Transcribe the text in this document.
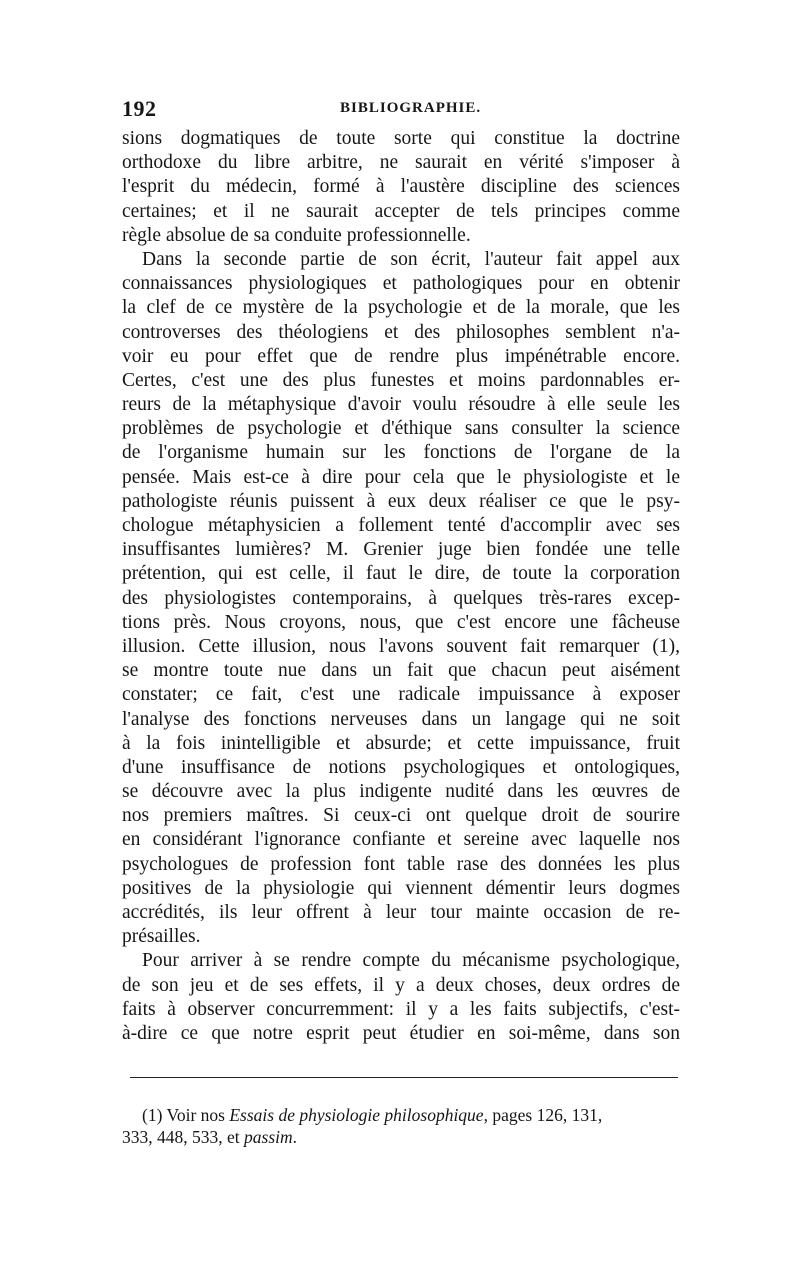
192	BIBLIOGRAPHIE.
sions dogmatiques de toute sorte qui constitue la doctrine
orthodoxe du libre arbitre, ne saurait en vérité s'imposer à
l'esprit du médecin, formé à l'austère discipline des sciences
certaines; et il ne saurait accepter de tels principes comme
règle absolue de sa conduite professionnelle.
Dans la seconde partie de son écrit, l'auteur fait appel aux
connaissances physiologiques et pathologiques pour en obtenir
la clef de ce mystère de la psychologie et de la morale, que les
controverses des théologiens et des philosophes semblent n'a-
voir eu pour effet que de rendre plus impénétrable encore.
Certes, c'est une des plus funestes et moins pardonnables er-
reurs de la métaphysique d'avoir voulu résoudre à elle seule les
problèmes de psychologie et d'éthique sans consulter la science
de l'organisme humain sur les fonctions de l'organe de la
pensée. Mais est-ce à dire pour cela que le physiologiste et le
pathologiste réunis puissent à eux deux réaliser ce que le psy-
chologue métaphysicien a follement tenté d'accomplir avec ses
insuffisantes lumières? M. Grenier juge bien fondée une telle
prétention, qui est celle, il faut le dire, de toute la corporation
des physiologistes contemporains, à quelques très-rares excep-
tions près. Nous croyons, nous, que c'est encore une fâcheuse
illusion. Cette illusion, nous l'avons souvent fait remarquer (1),
se montre toute nue dans un fait que chacun peut aisément
constater; ce fait, c'est une radicale impuissance à exposer
l'analyse des fonctions nerveuses dans un langage qui ne soit
à la fois inintelligible et absurde; et cette impuissance, fruit
d'une insuffisance de notions psychologiques et ontologiques,
se découvre avec la plus indigente nudité dans les œuvres de
nos premiers maîtres. Si ceux-ci ont quelque droit de sourire
en considérant l'ignorance confiante et sereine avec laquelle nos
psychologues de profession font table rase des données les plus
positives de la physiologie qui viennent démentir leurs dogmes
accrédités, ils leur offrent à leur tour mainte occasion de re-
présailles.
Pour arriver à se rendre compte du mécanisme psychologique,
de son jeu et de ses effets, il y a deux choses, deux ordres de
faits à observer concurremment: il y a les faits subjectifs, c'est-
à-dire ce que notre esprit peut étudier en soi-même, dans son
(1) Voir nos Essais de physiologie philosophique, pages 126, 131,
333, 448, 533, et passim.
